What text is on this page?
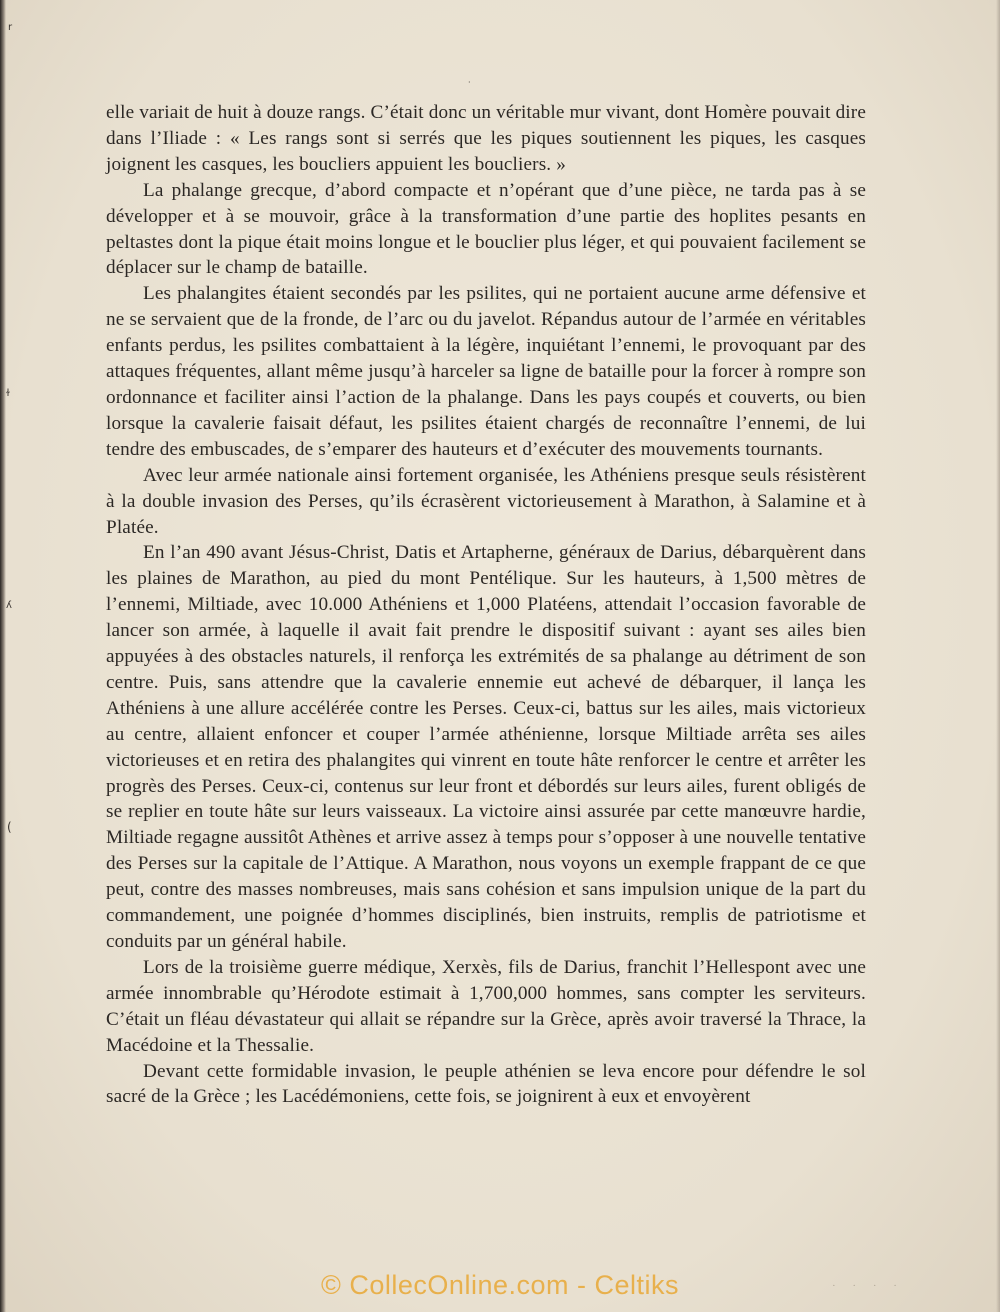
r
·
ɫ
ʎ
(

elle variait de huit à douze rangs. C’était donc un véritable mur vivant, dont Homère pouvait dire dans l’Iliade : « Les rangs sont si serrés que les piques soutiennent les piques, les casques joignent les casques, les boucliers appuient les boucliers. »

La phalange grecque, d’abord compacte et n’opérant que d’une pièce, ne tarda pas à se développer et à se mouvoir, grâce à la transformation d’une partie des hoplites pesants en peltastes dont la pique était moins longue et le bouclier plus léger, et qui pouvaient facilement se déplacer sur le champ de bataille.

Les phalangites étaient secondés par les psilites, qui ne portaient aucune arme défensive et ne se servaient que de la fronde, de l’arc ou du javelot. Répandus autour de l’armée en véritables enfants perdus, les psilites combattaient à la légère, inquiétant l’ennemi, le provoquant par des attaques fréquentes, allant même jusqu’à harceler sa ligne de bataille pour la forcer à rompre son ordonnance et faciliter ainsi l’action de la phalange. Dans les pays coupés et couverts, ou bien lorsque la cavalerie faisait défaut, les psilites étaient chargés de reconnaître l’ennemi, de lui tendre des embuscades, de s’emparer des hauteurs et d’exécuter des mouvements tournants.

Avec leur armée nationale ainsi fortement organisée, les Athéniens presque seuls résistèrent à la double invasion des Perses, qu’ils écrasèrent victorieusement à Marathon, à Salamine et à Platée.

En l’an 490 avant Jésus-Christ, Datis et Artapherne, généraux de Darius, débarquèrent dans les plaines de Marathon, au pied du mont Pentélique. Sur les hauteurs, à 1,500 mètres de l’ennemi, Miltiade, avec 10.000 Athéniens et 1,000 Platéens, attendait l’occasion favorable de lancer son armée, à laquelle il avait fait prendre le dispositif suivant : ayant ses ailes bien appuyées à des obstacles naturels, il renforça les extrémités de sa phalange au détriment de son centre. Puis, sans attendre que la cavalerie ennemie eut achevé de débarquer, il lança les Athéniens à une allure accélérée contre les Perses. Ceux-ci, battus sur les ailes, mais victorieux au centre, allaient enfoncer et couper l’armée athénienne, lorsque Miltiade arrêta ses ailes victorieuses et en retira des phalangites qui vinrent en toute hâte renforcer le centre et arrêter les progrès des Perses. Ceux-ci, contenus sur leur front et débordés sur leurs ailes, furent obligés de se replier en toute hâte sur leurs vaisseaux. La victoire ainsi assurée par cette manœuvre hardie, Miltiade regagne aussitôt Athènes et arrive assez à temps pour s’opposer à une nouvelle tentative des Perses sur la capitale de l’Attique. A Marathon, nous voyons un exemple frappant de ce que peut, contre des masses nombreuses, mais sans cohésion et sans impulsion unique de la part du commandement, une poignée d’hommes disciplinés, bien instruits, remplis de patriotisme et conduits par un général habile.

Lors de la troisième guerre médique, Xerxès, fils de Darius, franchit l’Hellespont avec une armée innombrable qu’Hérodote estimait à 1,700,000 hommes, sans compter les serviteurs. C’était un fléau dévastateur qui allait se répandre sur la Grèce, après avoir traversé la Thrace, la Macédoine et la Thessalie.

Devant cette formidable invasion, le peuple athénien se leva encore pour défendre le sol sacré de la Grèce ; les Lacédémoniens, cette fois, se joignirent à eux et envoyèrent

· · · ·
© CollecOnline.com - Celtiks
